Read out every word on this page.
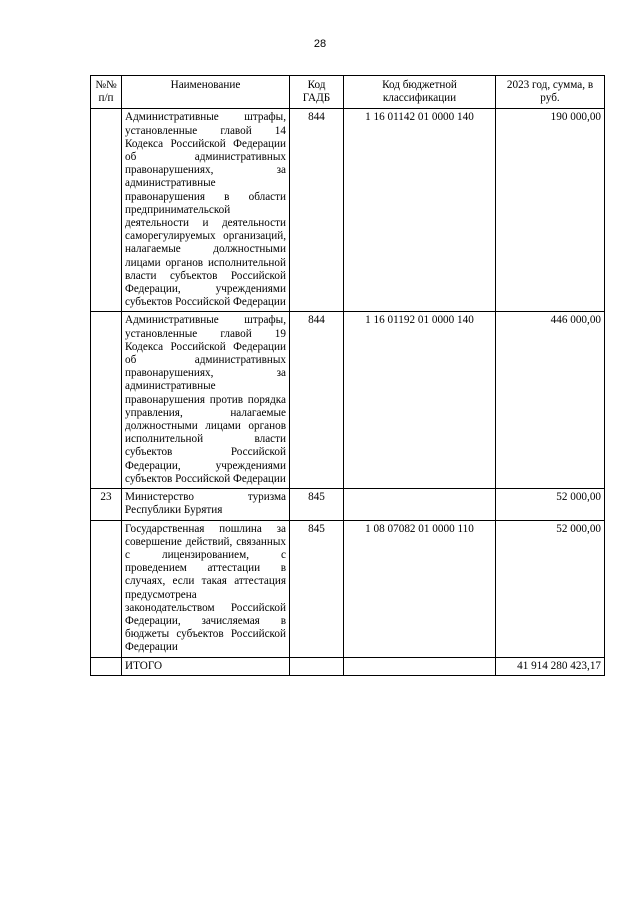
28
№№ п/п	Наименование	Код ГАДБ	Код бюджетной классификации	2023 год, сумма, в руб.
	Административные штрафы, установленные главой 14 Кодекса Российской Федерации об административных правонарушениях, за административные правонарушения в области предпринимательской деятельности и деятельности саморегулируемых организаций, налагаемые должностными лицами органов исполнительной власти субъектов Российской Федерации, учреждениями субъектов Российской Федерации	844	1 16 01142 01 0000 140	190 000,00
	Административные штрафы, установленные главой 19 Кодекса Российской Федерации об административных правонарушениях, за административные правонарушения против порядка управления, налагаемые должностными лицами органов исполнительной власти субъектов Российской Федерации, учреждениями субъектов Российской Федерации	844	1 16 01192 01 0000 140	446 000,00
23	Министерство туризма Республики Бурятия	845		52 000,00
	Государственная пошлина за совершение действий, связанных с лицензированием, с проведением аттестации в случаях, если такая аттестация предусмотрена законодательством Российской Федерации, зачисляемая в бюджеты субъектов Российской Федерации	845	1 08 07082 01 0000 110	52 000,00
	ИТОГО			41 914 280 423,17
